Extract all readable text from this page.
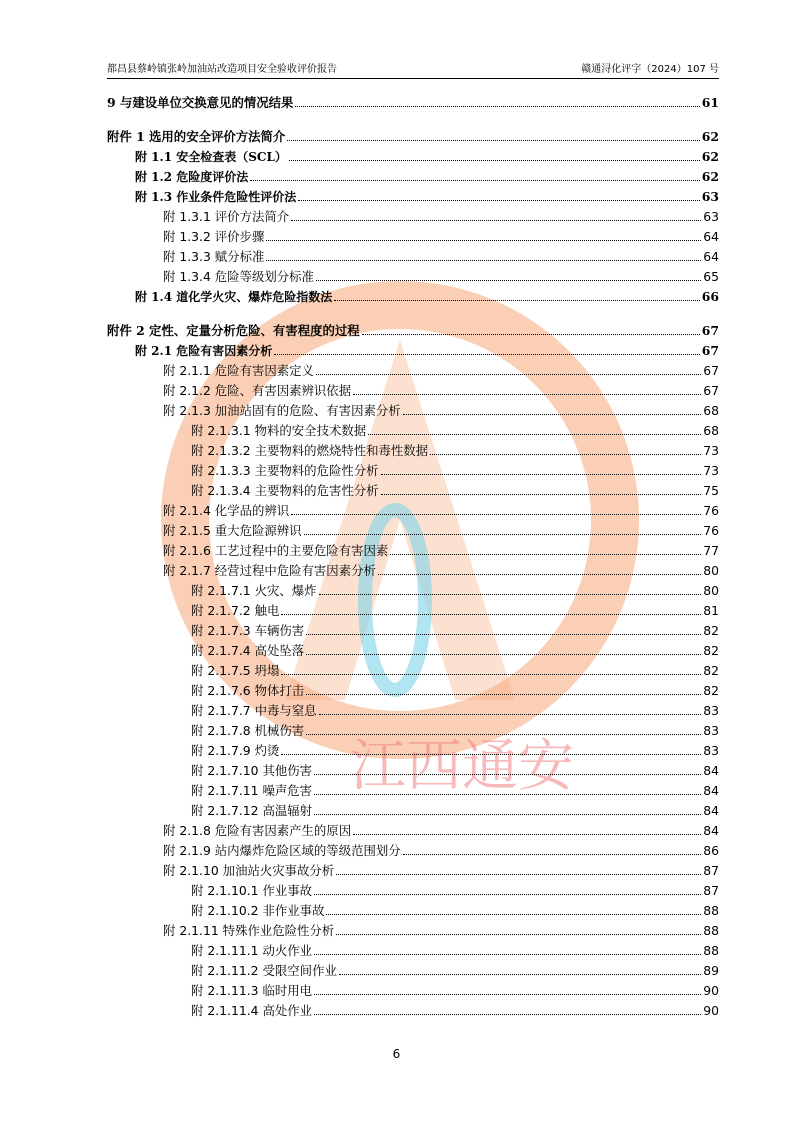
都昌县蔡岭镇张岭加油站改造项目安全验收评价报告	赣通浔化评字（2024）107 号
江西通安
9 与建设单位交换意见的情况结果	61
附件 1 选用的安全评价方法简介	62
附 1.1 安全检查表（SCL）	62
附 1.2 危险度评价法	62
附 1.3 作业条件危险性评价法	63
附 1.3.1 评价方法简介	63
附 1.3.2 评价步骤	64
附 1.3.3 赋分标准	64
附 1.3.4 危险等级划分标准	65
附 1.4 道化学火灾、爆炸危险指数法	66
附件 2 定性、定量分析危险、有害程度的过程	67
附 2.1 危险有害因素分析	67
附 2.1.1 危险有害因素定义	67
附 2.1.2 危险、有害因素辨识依据	67
附 2.1.3 加油站固有的危险、有害因素分析	68
附 2.1.3.1 物料的安全技术数据	68
附 2.1.3.2 主要物料的燃烧特性和毒性数据	73
附 2.1.3.3 主要物料的危险性分析	73
附 2.1.3.4 主要物料的危害性分析	75
附 2.1.4 化学品的辨识	76
附 2.1.5 重大危险源辨识	76
附 2.1.6 工艺过程中的主要危险有害因素	77
附 2.1.7 经营过程中危险有害因素分析	80
附 2.1.7.1 火灾、爆炸	80
附 2.1.7.2 触电	81
附 2.1.7.3 车辆伤害	82
附 2.1.7.4 高处坠落	82
附 2.1.7.5 坍塌	82
附 2.1.7.6 物体打击	82
附 2.1.7.7 中毒与窒息	83
附 2.1.7.8 机械伤害	83
附 2.1.7.9 灼烫	83
附 2.1.7.10 其他伤害	84
附 2.1.7.11 噪声危害	84
附 2.1.7.12 高温辐射	84
附 2.1.8 危险有害因素产生的原因	84
附 2.1.9 站内爆炸危险区域的等级范围划分	86
附 2.1.10 加油站火灾事故分析	87
附 2.1.10.1 作业事故	87
附 2.1.10.2 非作业事故	88
附 2.1.11 特殊作业危险性分析	88
附 2.1.11.1 动火作业	88
附 2.1.11.2 受限空间作业	89
附 2.1.11.3 临时用电	90
附 2.1.11.4 高处作业	90
6
